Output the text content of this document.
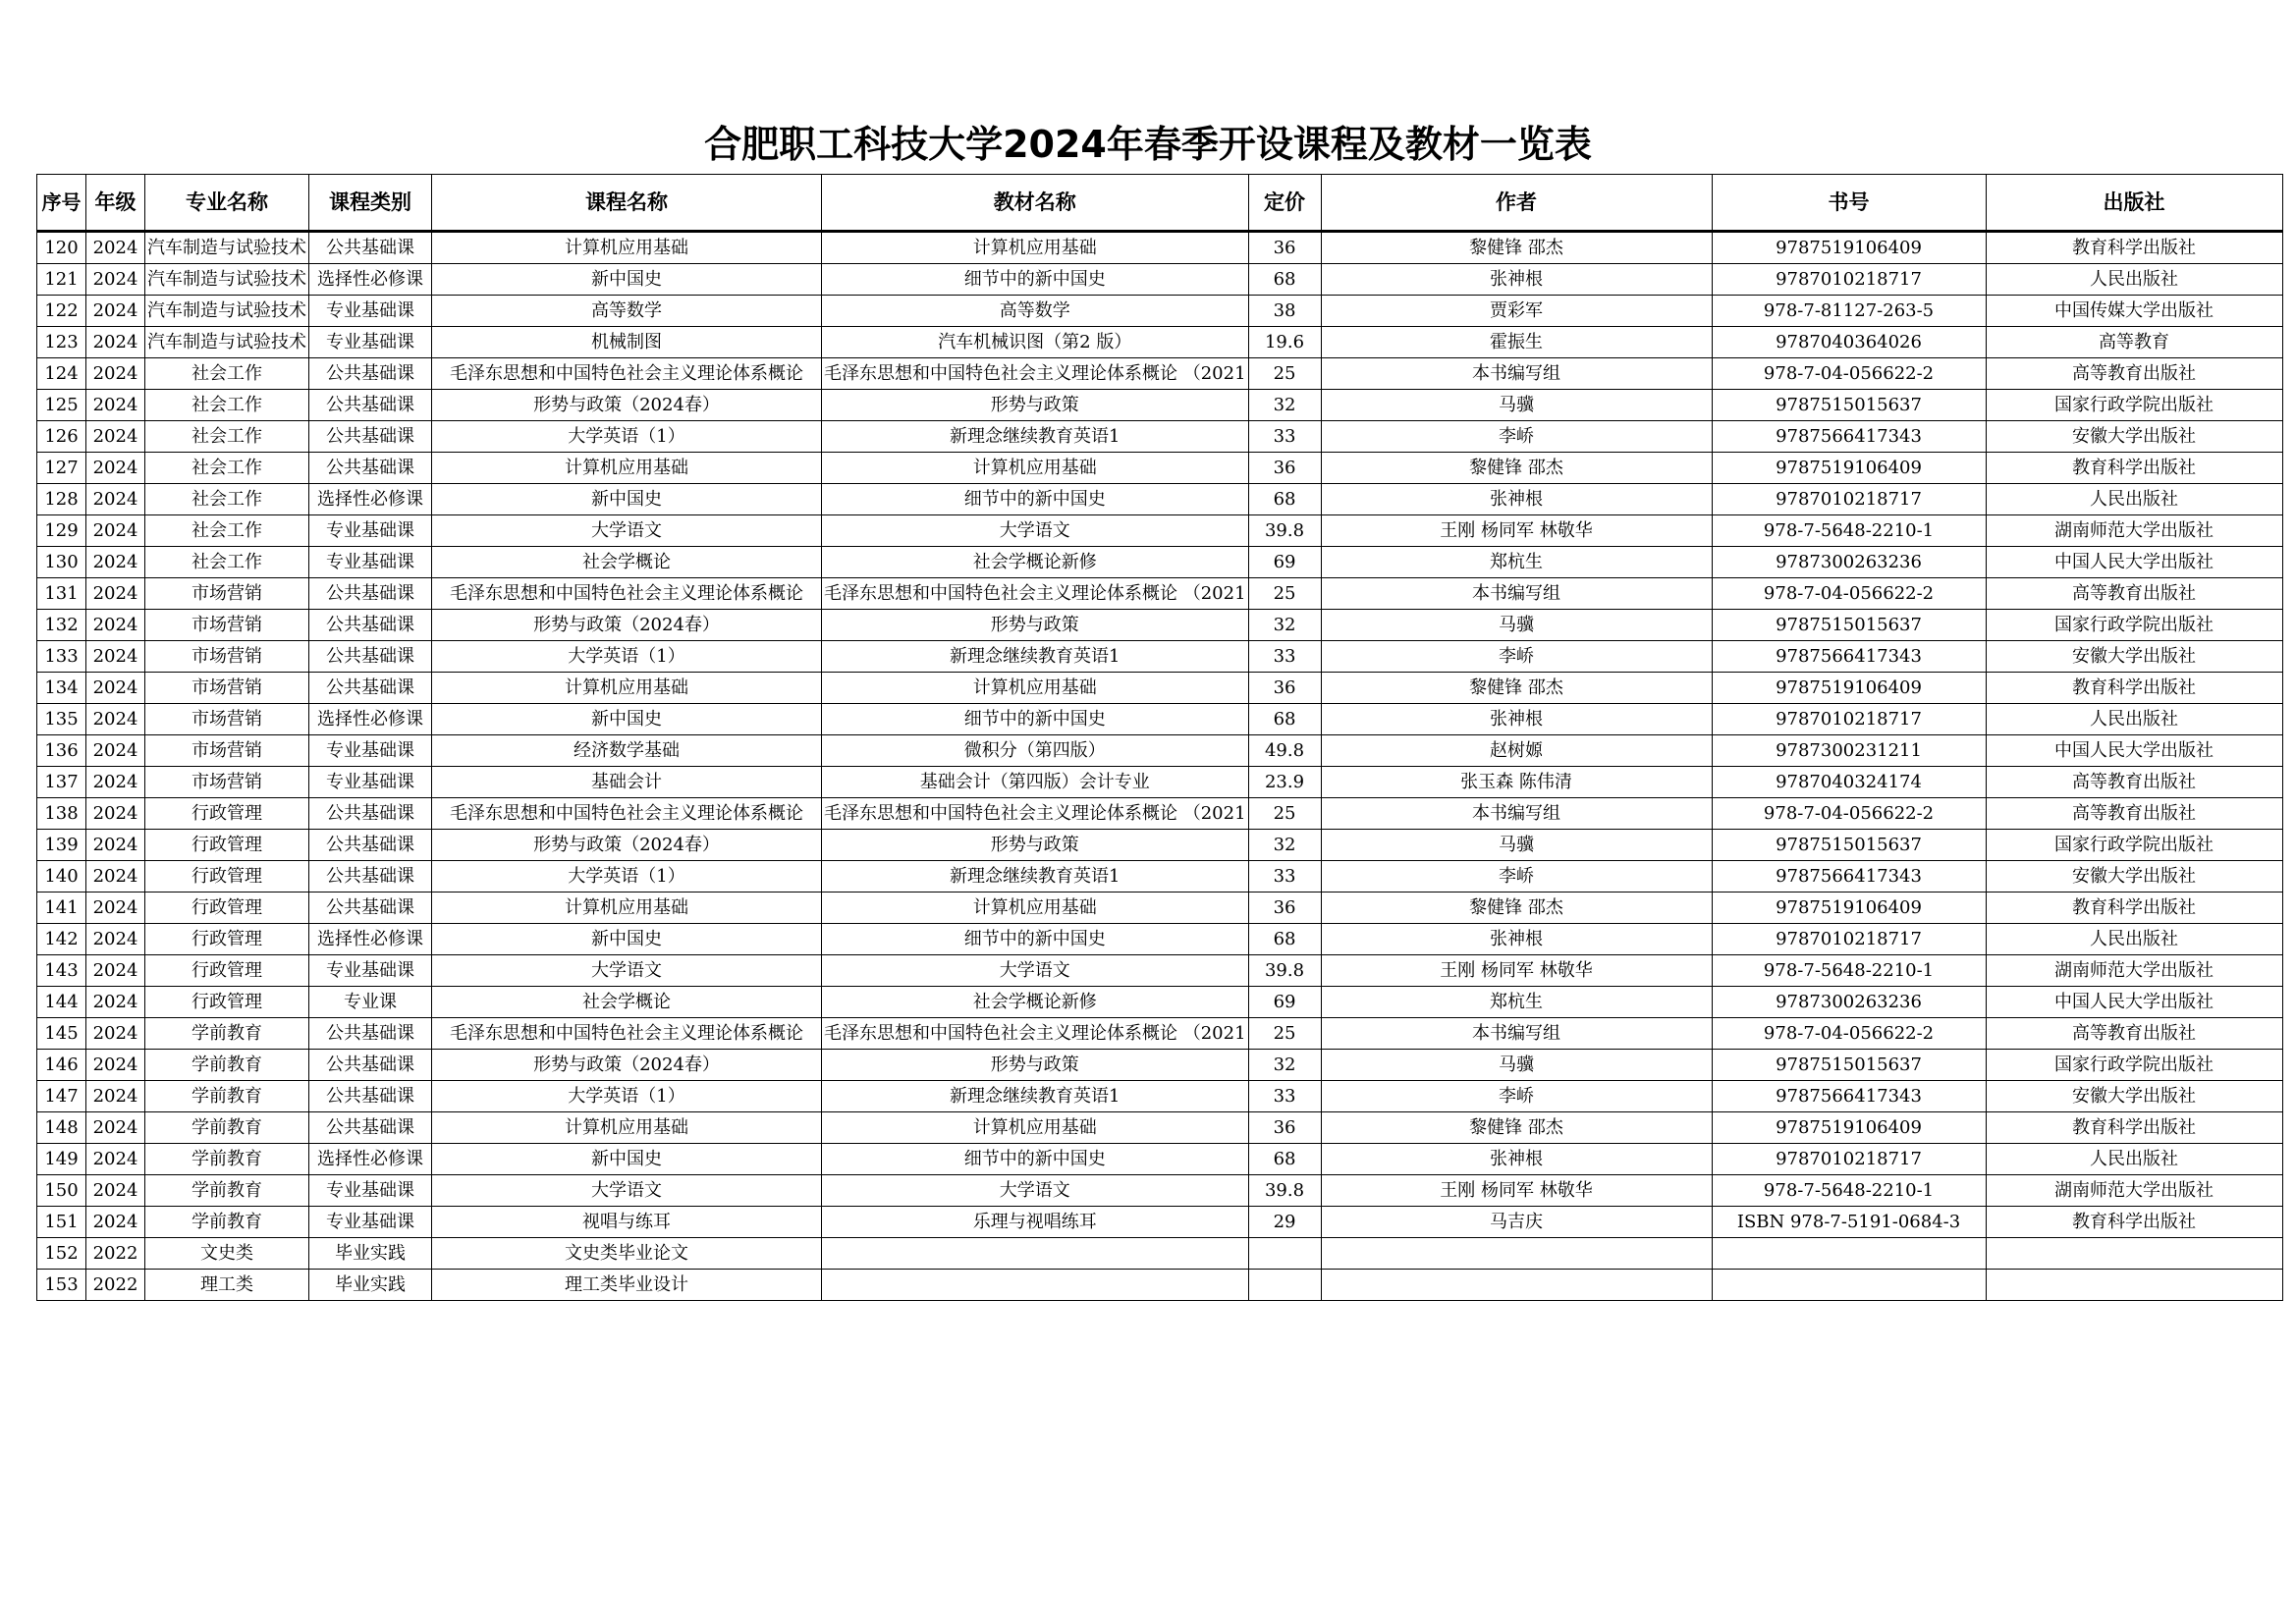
合肥职工科技大学2024年春季开设课程及教材一览表
序号	年级	专业名称	课程类别	课程名称	教材名称	定价	作者	书号	出版社
120	2024	汽车制造与试验技术	公共基础课	计算机应用基础	计算机应用基础	36	黎健锋 邵杰	9787519106409	教育科学出版社
121	2024	汽车制造与试验技术	选择性必修课	新中国史	细节中的新中国史	68	张神根	9787010218717	人民出版社
122	2024	汽车制造与试验技术	专业基础课	高等数学	高等数学	38	贾彩军	978-7-81127-263-5	中国传媒大学出版社
123	2024	汽车制造与试验技术	专业基础课	机械制图	汽车机械识图（第2 版）	19.6	霍振生	9787040364026	高等教育
124	2024	社会工作	公共基础课	毛泽东思想和中国特色社会主义理论体系概论	毛泽东思想和中国特色社会主义理论体系概论 （2021	25	本书编写组	978-7-04-056622-2	高等教育出版社
125	2024	社会工作	公共基础课	形势与政策（2024春）	形势与政策	32	马骥	9787515015637	国家行政学院出版社
126	2024	社会工作	公共基础课	大学英语（1）	新理念继续教育英语1	33	李峤	9787566417343	安徽大学出版社
127	2024	社会工作	公共基础课	计算机应用基础	计算机应用基础	36	黎健锋 邵杰	9787519106409	教育科学出版社
128	2024	社会工作	选择性必修课	新中国史	细节中的新中国史	68	张神根	9787010218717	人民出版社
129	2024	社会工作	专业基础课	大学语文	大学语文	39.8	王刚 杨同军 林敬华	978-7-5648-2210-1	湖南师范大学出版社
130	2024	社会工作	专业基础课	社会学概论	社会学概论新修	69	郑杭生	9787300263236	中国人民大学出版社
131	2024	市场营销	公共基础课	毛泽东思想和中国特色社会主义理论体系概论	毛泽东思想和中国特色社会主义理论体系概论 （2021	25	本书编写组	978-7-04-056622-2	高等教育出版社
132	2024	市场营销	公共基础课	形势与政策（2024春）	形势与政策	32	马骥	9787515015637	国家行政学院出版社
133	2024	市场营销	公共基础课	大学英语（1）	新理念继续教育英语1	33	李峤	9787566417343	安徽大学出版社
134	2024	市场营销	公共基础课	计算机应用基础	计算机应用基础	36	黎健锋 邵杰	9787519106409	教育科学出版社
135	2024	市场营销	选择性必修课	新中国史	细节中的新中国史	68	张神根	9787010218717	人民出版社
136	2024	市场营销	专业基础课	经济数学基础	微积分（第四版）	49.8	赵树嫄	9787300231211	中国人民大学出版社
137	2024	市场营销	专业基础课	基础会计	基础会计（第四版）会计专业	23.9	张玉森 陈伟清	9787040324174	高等教育出版社
138	2024	行政管理	公共基础课	毛泽东思想和中国特色社会主义理论体系概论	毛泽东思想和中国特色社会主义理论体系概论 （2021	25	本书编写组	978-7-04-056622-2	高等教育出版社
139	2024	行政管理	公共基础课	形势与政策（2024春）	形势与政策	32	马骥	9787515015637	国家行政学院出版社
140	2024	行政管理	公共基础课	大学英语（1）	新理念继续教育英语1	33	李峤	9787566417343	安徽大学出版社
141	2024	行政管理	公共基础课	计算机应用基础	计算机应用基础	36	黎健锋 邵杰	9787519106409	教育科学出版社
142	2024	行政管理	选择性必修课	新中国史	细节中的新中国史	68	张神根	9787010218717	人民出版社
143	2024	行政管理	专业基础课	大学语文	大学语文	39.8	王刚 杨同军 林敬华	978-7-5648-2210-1	湖南师范大学出版社
144	2024	行政管理	专业课	社会学概论	社会学概论新修	69	郑杭生	9787300263236	中国人民大学出版社
145	2024	学前教育	公共基础课	毛泽东思想和中国特色社会主义理论体系概论	毛泽东思想和中国特色社会主义理论体系概论 （2021	25	本书编写组	978-7-04-056622-2	高等教育出版社
146	2024	学前教育	公共基础课	形势与政策（2024春）	形势与政策	32	马骥	9787515015637	国家行政学院出版社
147	2024	学前教育	公共基础课	大学英语（1）	新理念继续教育英语1	33	李峤	9787566417343	安徽大学出版社
148	2024	学前教育	公共基础课	计算机应用基础	计算机应用基础	36	黎健锋 邵杰	9787519106409	教育科学出版社
149	2024	学前教育	选择性必修课	新中国史	细节中的新中国史	68	张神根	9787010218717	人民出版社
150	2024	学前教育	专业基础课	大学语文	大学语文	39.8	王刚 杨同军 林敬华	978-7-5648-2210-1	湖南师范大学出版社
151	2024	学前教育	专业基础课	视唱与练耳	乐理与视唱练耳	29	马吉庆	ISBN 978-7-5191-0684-3	教育科学出版社
152	2022	文史类	毕业实践	文史类毕业论文					
153	2022	理工类	毕业实践	理工类毕业设计					
